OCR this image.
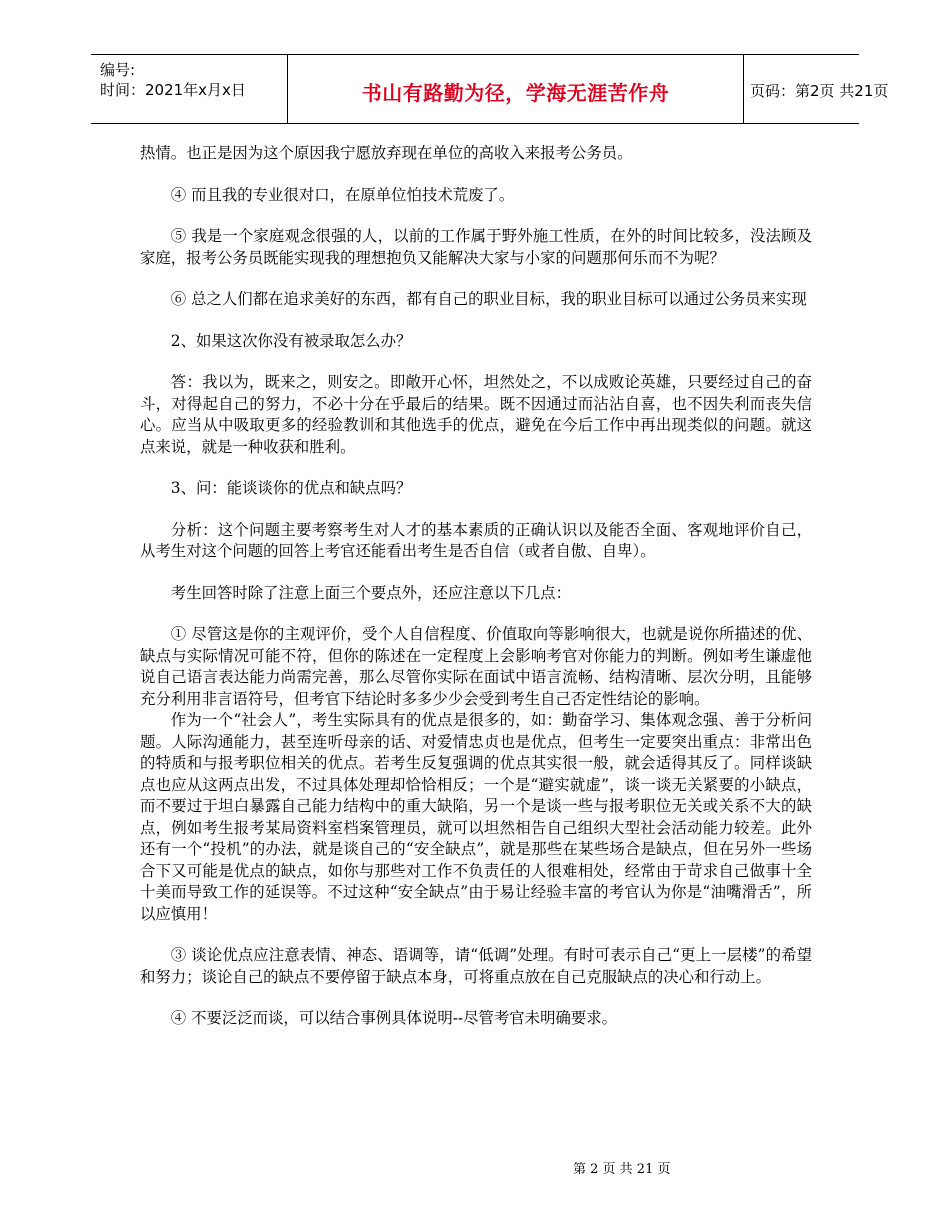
编号:
时间：2021年x月x日	书山有路勤为径，学海无涯苦作舟	页码：第2页 共21页

热情。也正是因为这个原因我宁愿放弃现在单位的高收入来报考公务员。

④ 而且我的专业很对口，在原单位怕技术荒废了。

⑤ 我是一个家庭观念很强的人，以前的工作属于野外施工性质，在外的时间比较多，没法顾及家庭，报考公务员既能实现我的理想抱负又能解决大家与小家的问题那何乐而不为呢？

⑥ 总之人们都在追求美好的东西，都有自己的职业目标，我的职业目标可以通过公务员来实现

2、如果这次你没有被录取怎么办？

答：我以为，既来之，则安之。即敞开心怀，坦然处之，不以成败论英雄，只要经过自己的奋斗，对得起自己的努力，不必十分在乎最后的结果。既不因通过而沾沾自喜，也不因失利而丧失信心。应当从中吸取更多的经验教训和其他选手的优点，避免在今后工作中再出现类似的问题。就这点来说，就是一种收获和胜利。

3、问：能谈谈你的优点和缺点吗？

分析：这个问题主要考察考生对人才的基本素质的正确认识以及能否全面、客观地评价自己，从考生对这个问题的回答上考官还能看出考生是否自信（或者自傲、自卑）。

考生回答时除了注意上面三个要点外，还应注意以下几点：

① 尽管这是你的主观评价，受个人自信程度、价值取向等影响很大，也就是说你所描述的优、缺点与实际情况可能不符，但你的陈述在一定程度上会影响考官对你能力的判断。例如考生谦虚他说自己语言表达能力尚需完善，那么尽管你实际在面试中语言流畅、结构清晰、层次分明，且能够充分利用非言语符号，但考官下结论时多多少少会受到考生自己否定性结论的影响。

作为一个“社会人”，考生实际具有的优点是很多的，如：勤奋学习、集体观念强、善于分析问题。人际沟通能力，甚至连听母亲的话、对爱情忠贞也是优点，但考生一定要突出重点：非常出色的特质和与报考职位相关的优点。若考生反复强调的优点其实很一般，就会适得其反了。同样谈缺点也应从这两点出发，不过具体处理却恰恰相反；一个是“避实就虚”，谈一谈无关紧要的小缺点，而不要过于坦白暴露自己能力结构中的重大缺陷，另一个是谈一些与报考职位无关或关系不大的缺点，例如考生报考某局资料室档案管理员，就可以坦然相告自己组织大型社会活动能力较差。此外还有一个“投机”的办法，就是谈自己的“安全缺点”，就是那些在某些场合是缺点，但在另外一些场合下又可能是优点的缺点，如你与那些对工作不负责任的人很难相处，经常由于苛求自己做事十全十美而导致工作的延误等。不过这种“安全缺点”由于易让经验丰富的考官认为你是“油嘴滑舌”，所以应慎用！

③ 谈论优点应注意表情、神态、语调等，请“低调”处理。有时可表示自己“更上一层楼”的希望和努力；谈论自己的缺点不要停留于缺点本身，可将重点放在自己克服缺点的决心和行动上。

④ 不要泛泛而谈，可以结合事例具体说明--尽管考官未明确要求。

第 2 页 共 21 页
